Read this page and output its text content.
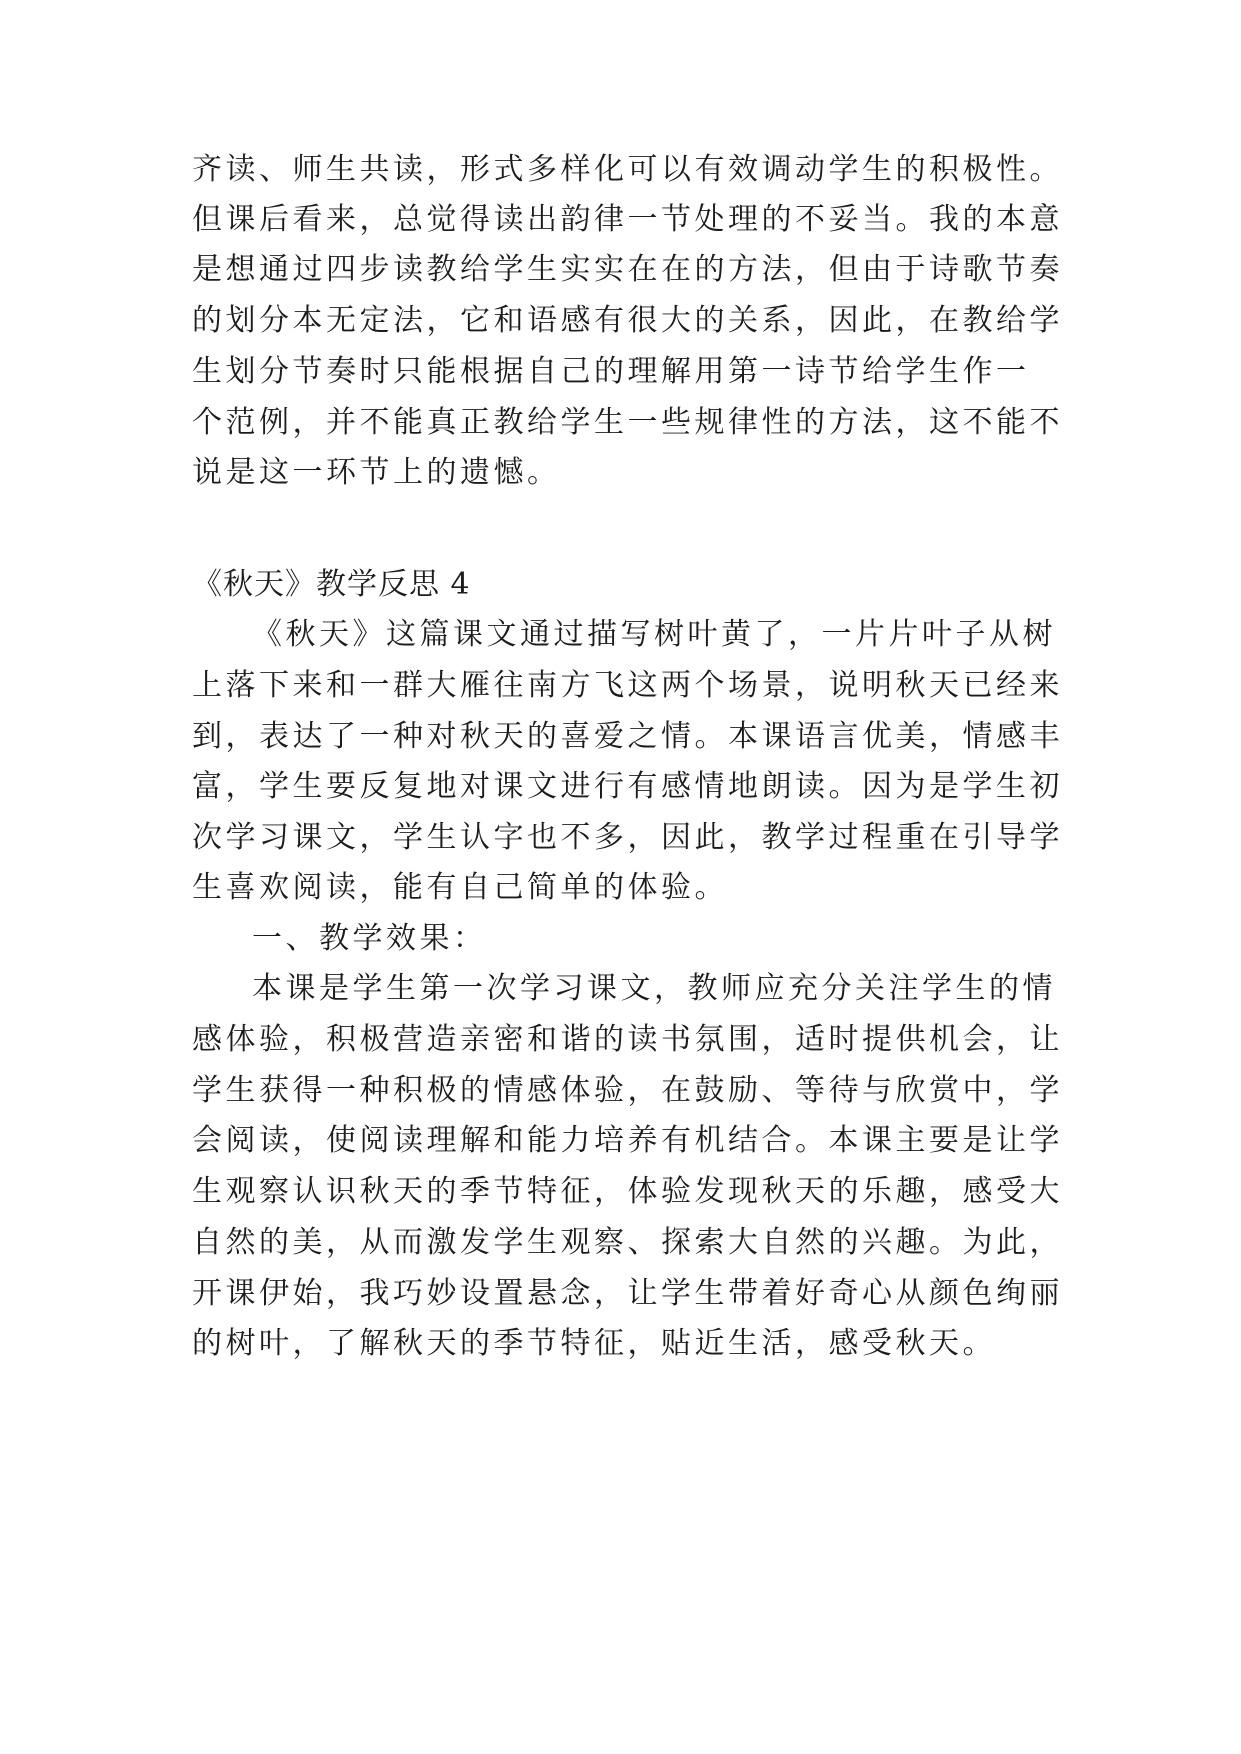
齐读、师生共读，形式多样化可以有效调动学生的积极性。

但课后看来，总觉得读出韵律一节处理的不妥当。我的本意

是想通过四步读教给学生实实在在的方法，但由于诗歌节奏

的划分本无定法，它和语感有很大的关系，因此，在教给学

生划分节奏时只能根据自己的理解用第一诗节给学生作一

个范例，并不能真正教给学生一些规律性的方法，这不能不

说是这一环节上的遗憾。

《秋天》教学反思 4

《秋天》这篇课文通过描写树叶黄了，一片片叶子从树

上落下来和一群大雁往南方飞这两个场景，说明秋天已经来

到，表达了一种对秋天的喜爱之情。本课语言优美，情感丰

富，学生要反复地对课文进行有感情地朗读。因为是学生初

次学习课文，学生认字也不多，因此，教学过程重在引导学

生喜欢阅读，能有自己简单的体验。

一、教学效果：

本课是学生第一次学习课文，教师应充分关注学生的情

感体验，积极营造亲密和谐的读书氛围，适时提供机会，让

学生获得一种积极的情感体验，在鼓励、等待与欣赏中，学

会阅读，使阅读理解和能力培养有机结合。本课主要是让学

生观察认识秋天的季节特征，体验发现秋天的乐趣，感受大

自然的美，从而激发学生观察、探索大自然的兴趣。为此，

开课伊始，我巧妙设置悬念，让学生带着好奇心从颜色绚丽

的树叶，了解秋天的季节特征，贴近生活，感受秋天。
